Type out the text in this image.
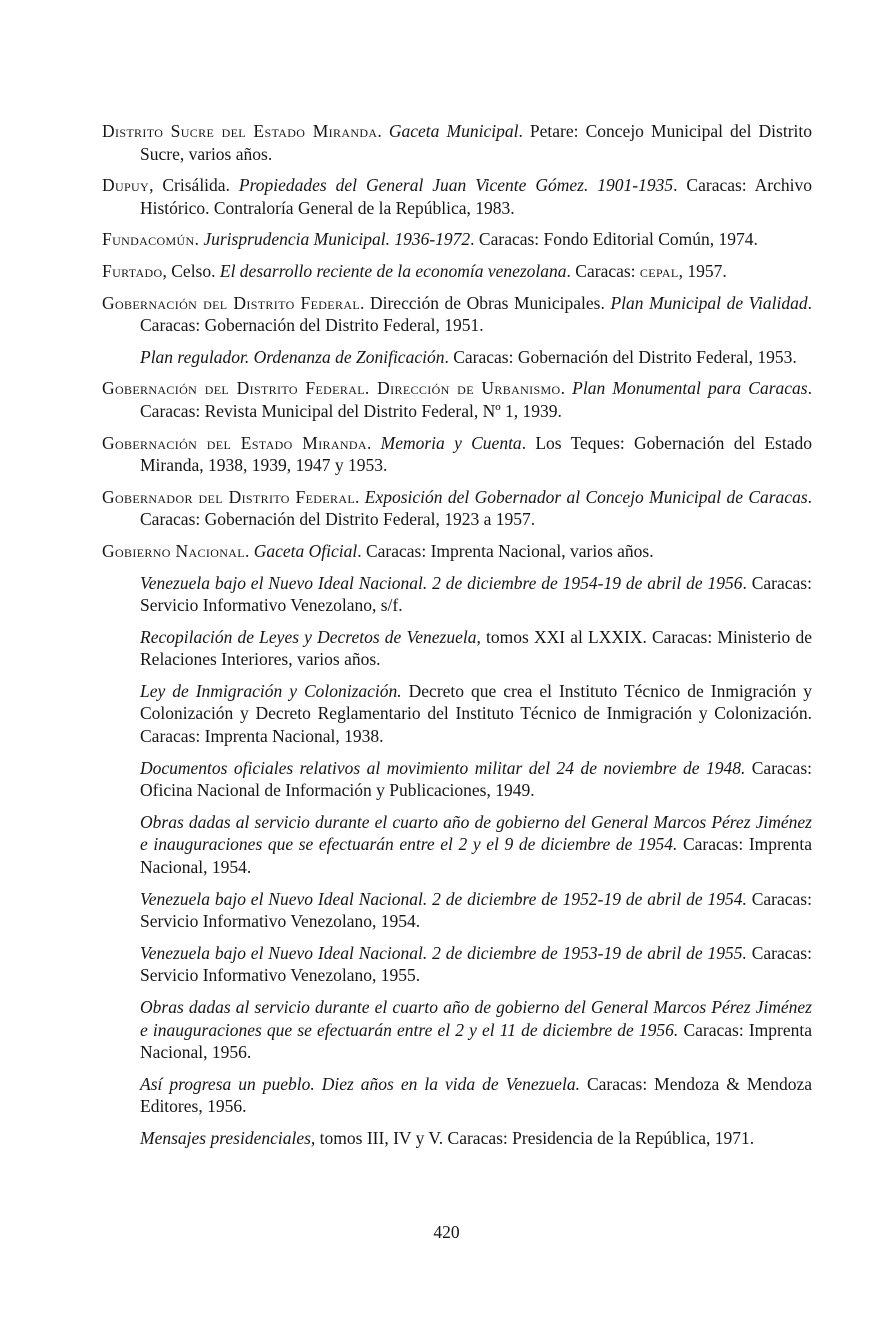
Distrito Sucre del Estado Miranda. Gaceta Municipal. Petare: Concejo Municipal del Distrito Sucre, varios años.

Dupuy, Crisálida. Propiedades del General Juan Vicente Gómez. 1901-1935. Caracas: Archivo Histórico. Contraloría General de la República, 1983.

Fundacomún. Jurisprudencia Municipal. 1936-1972. Caracas: Fondo Editorial Común, 1974.

Furtado, Celso. El desarrollo reciente de la economía venezolana. Caracas: cepal, 1957.

Gobernación del Distrito Federal. Dirección de Obras Municipales. Plan Municipal de Vialidad. Caracas: Gobernación del Distrito Federal, 1951.

Plan regulador. Ordenanza de Zonificación. Caracas: Gobernación del Distrito Federal, 1953.

Gobernación del Distrito Federal. Dirección de Urbanismo. Plan Monumental para Caracas. Caracas: Revista Municipal del Distrito Federal, Nº 1, 1939.

Gobernación del Estado Miranda. Memoria y Cuenta. Los Teques: Gobernación del Estado Miranda, 1938, 1939, 1947 y 1953.

Gobernador del Distrito Federal. Exposición del Gobernador al Concejo Municipal de Caracas. Caracas: Gobernación del Distrito Federal, 1923 a 1957.

Gobierno Nacional. Gaceta Oficial. Caracas: Imprenta Nacional, varios años.

Venezuela bajo el Nuevo Ideal Nacional. 2 de diciembre de 1954-19 de abril de 1956. Caracas: Servicio Informativo Venezolano, s/f.

Recopilación de Leyes y Decretos de Venezuela, tomos XXI al LXXIX. Caracas: Ministerio de Relaciones Interiores, varios años.

Ley de Inmigración y Colonización. Decreto que crea el Instituto Técnico de Inmigración y Colonización y Decreto Reglamentario del Instituto Técnico de Inmigración y Colonización. Caracas: Imprenta Nacional, 1938.

Documentos oficiales relativos al movimiento militar del 24 de noviembre de 1948. Caracas: Oficina Nacional de Información y Publicaciones, 1949.

Obras dadas al servicio durante el cuarto año de gobierno del General Marcos Pérez Jiménez e inauguraciones que se efectuarán entre el 2 y el 9 de diciembre de 1954. Caracas: Imprenta Nacional, 1954.

Venezuela bajo el Nuevo Ideal Nacional. 2 de diciembre de 1952-19 de abril de 1954. Caracas: Servicio Informativo Venezolano, 1954.

Venezuela bajo el Nuevo Ideal Nacional. 2 de diciembre de 1953-19 de abril de 1955. Caracas: Servicio Informativo Venezolano, 1955.

Obras dadas al servicio durante el cuarto año de gobierno del General Marcos Pérez Jiménez e inauguraciones que se efectuarán entre el 2 y el 11 de diciembre de 1956. Caracas: Imprenta Nacional, 1956.

Así progresa un pueblo. Diez años en la vida de Venezuela. Caracas: Mendoza & Mendoza Editores, 1956.

Mensajes presidenciales, tomos III, IV y V. Caracas: Presidencia de la República, 1971.

420
